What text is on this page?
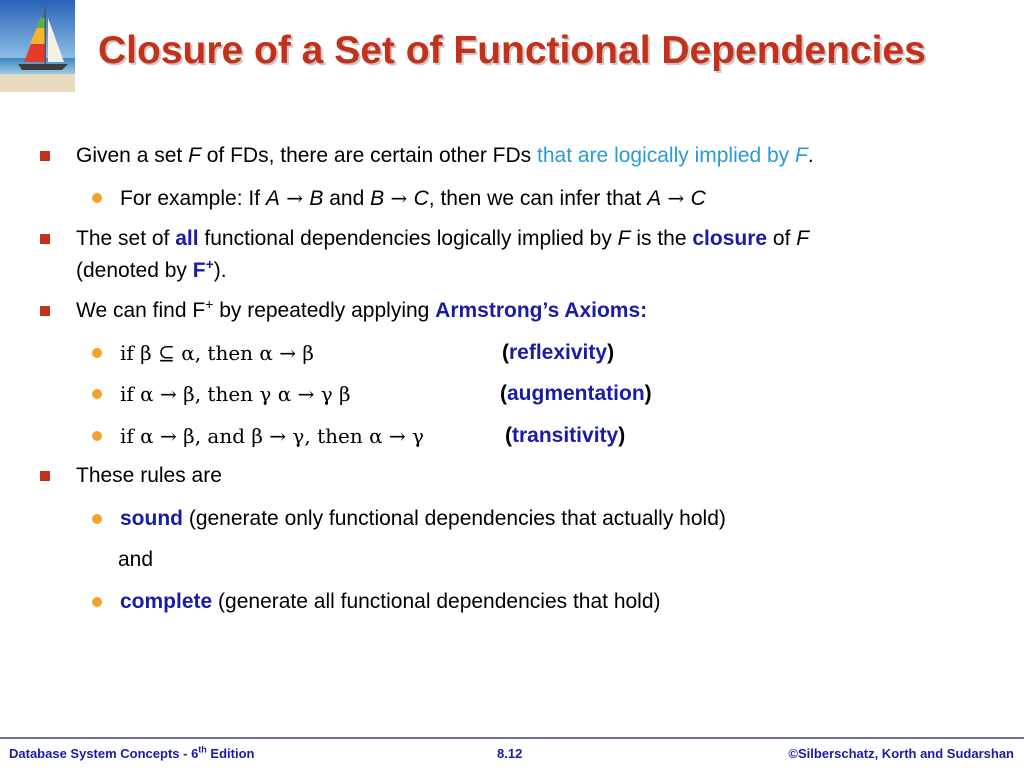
Closure of a Set of Functional Dependencies
Given a set F of FDs, there are certain other FDs that are logically implied by F.
For example: If A → B and B → C, then we can infer that A → C
The set of all functional dependencies logically implied by F is the closure of F
(denoted by F+).
We can find F+ by repeatedly applying Armstrong’s Axioms:
if β ⊆ α, then α → β	(reflexivity)
if α → β, then γ α → γ β	(augmentation)
if α → β, and β → γ, then α → γ	(transitivity)
These rules are
sound (generate only functional dependencies that actually hold)
and
complete (generate all functional dependencies that hold)
Database System Concepts - 6th Edition	8.12	©Silberschatz, Korth and Sudarshan
